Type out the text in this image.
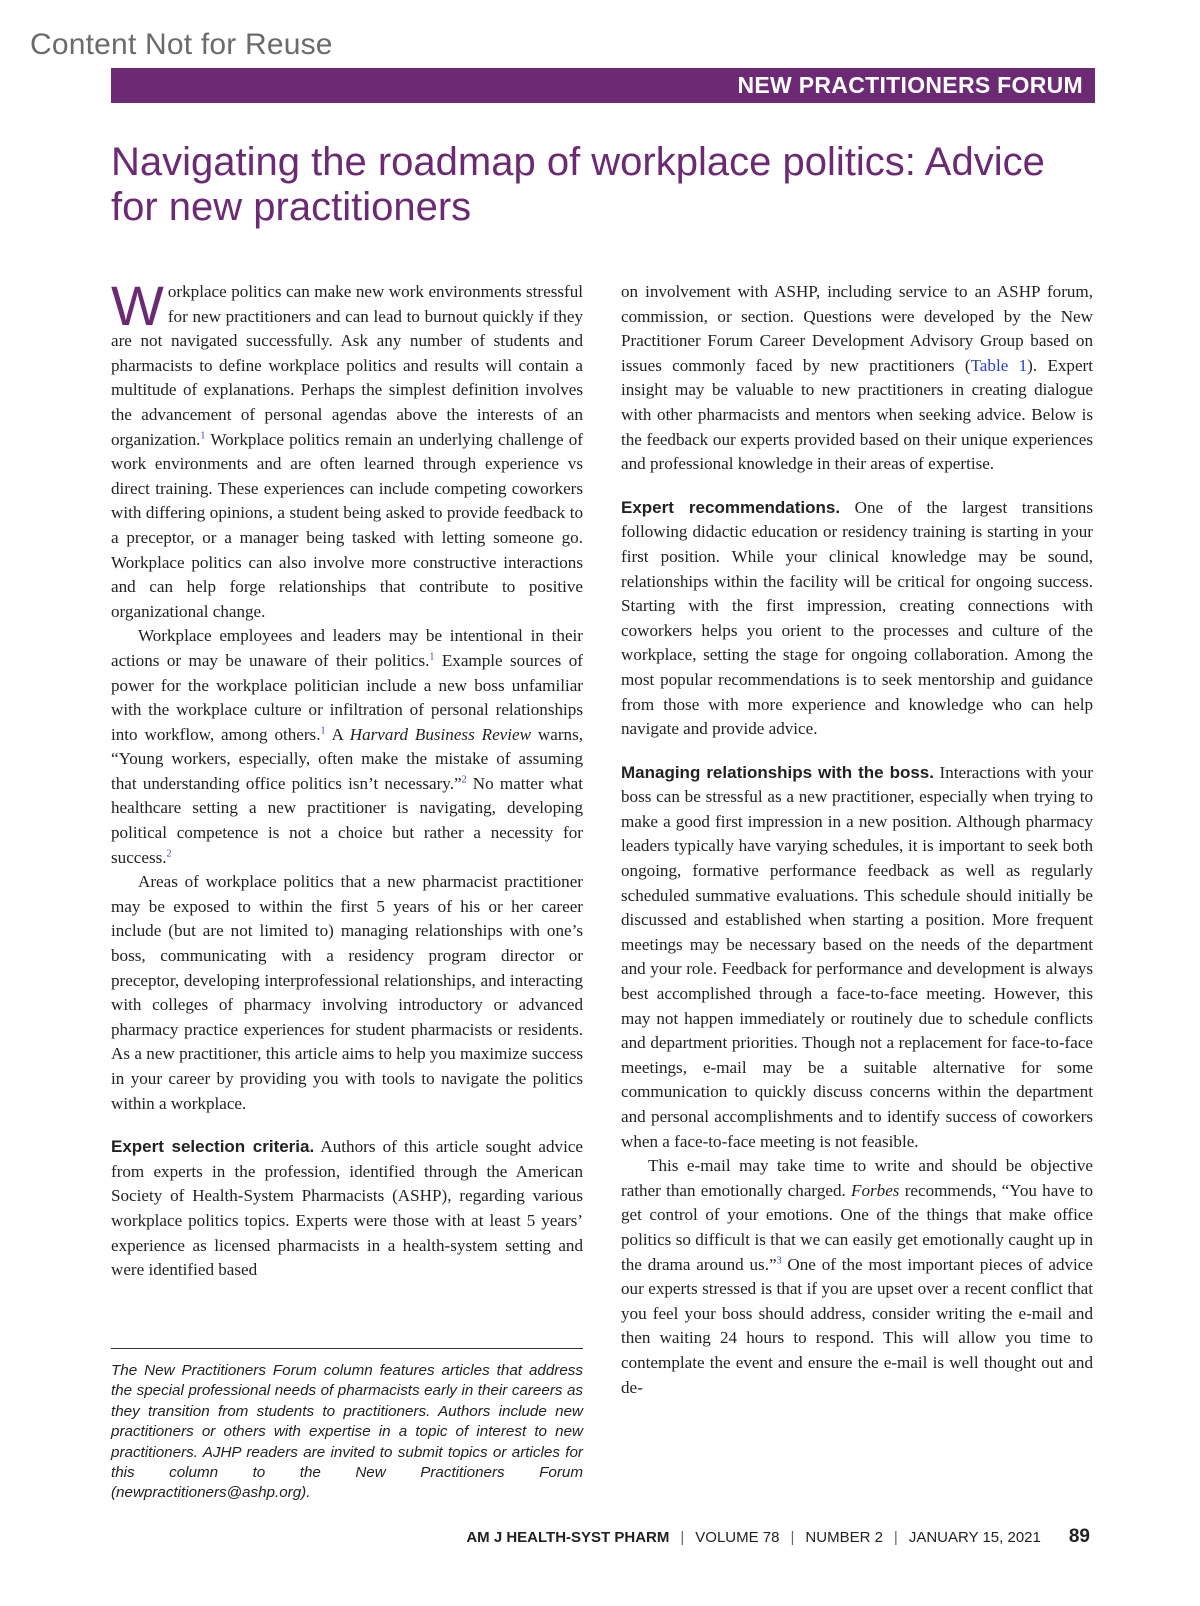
Content Not for Reuse
NEW PRACTITIONERS FORUM
Navigating the roadmap of workplace politics: Advice for new practitioners

Workplace politics can make new work environments stressful for new practitioners and can lead to burnout quickly if they are not navigated successfully. Ask any number of students and pharmacists to define workplace politics and results will contain a multitude of explanations. Perhaps the simplest definition involves the advancement of personal agendas above the interests of an organization.$^1$ Workplace politics remain an underlying challenge of work environments and are often learned through experience vs direct training. These experiences can include competing coworkers with differing opinions, a student being asked to provide feedback to a preceptor, or a manager being tasked with letting someone go. Workplace politics can also involve more constructive interactions and can help forge relationships that contribute to positive organizational change.

Workplace employees and leaders may be intentional in their actions or may be unaware of their politics.$^1$ Example sources of power for the workplace politician include a new boss unfamiliar with the workplace culture or infiltration of personal relationships into workflow, among others.$^1$ A Harvard Business Review warns, “Young workers, especially, often make the mistake of assuming that understanding office politics isn’t necessary.”$^2$ No matter what healthcare setting a new practitioner is navigating, developing political competence is not a choice but rather a necessity for success.$^2$

Areas of workplace politics that a new pharmacist practitioner may be exposed to within the first 5 years of his or her career include (but are not limited to) managing relationships with one’s boss, communicating with a residency program director or preceptor, developing interprofessional relationships, and interacting with colleges of pharmacy involving introductory or advanced pharmacy practice experiences for student pharmacists or residents. As a new practitioner, this article aims to help you maximize success in your career by providing you with tools to navigate the politics within a workplace.

Expert selection criteria. Authors of this article sought advice from experts in the profession, identified through the American Society of Health-System Pharmacists (ASHP), regarding various workplace politics topics. Experts were those with at least 5 years’ experience as licensed pharmacists in a health-system setting and were identified based

The New Practitioners Forum column features articles that address the special professional needs of pharmacists early in their careers as they transition from students to practitioners. Authors include new practitioners or others with expertise in a topic of interest to new practitioners. AJHP readers are invited to submit topics or articles for this column to the New Practitioners Forum (newpractitioners@ashp.org).

on involvement with ASHP, including service to an ASHP forum, commission, or section. Questions were developed by the New Practitioner Forum Career Development Advisory Group based on issues commonly faced by new practitioners (Table 1). Expert insight may be valuable to new practitioners in creating dialogue with other pharmacists and mentors when seeking advice. Below is the feedback our experts provided based on their unique experiences and professional knowledge in their areas of expertise.

Expert recommendations. One of the largest transitions following didactic education or residency training is starting in your first position. While your clinical knowledge may be sound, relationships within the facility will be critical for ongoing success. Starting with the first impression, creating connections with coworkers helps you orient to the processes and culture of the workplace, setting the stage for ongoing collaboration. Among the most popular recommendations is to seek mentorship and guidance from those with more experience and knowledge who can help navigate and provide advice.

Managing relationships with the boss. Interactions with your boss can be stressful as a new practitioner, especially when trying to make a good first impression in a new position. Although pharmacy leaders typically have varying schedules, it is important to seek both ongoing, formative performance feedback as well as regularly scheduled summative evaluations. This schedule should initially be discussed and established when starting a position. More frequent meetings may be necessary based on the needs of the department and your role. Feedback for performance and development is always best accomplished through a face-to-face meeting. However, this may not happen immediately or routinely due to schedule conflicts and department priorities. Though not a replacement for face-to-face meetings, e-mail may be a suitable alternative for some communication to quickly discuss concerns within the department and personal accomplishments and to identify success of coworkers when a face-to-face meeting is not feasible.

This e-mail may take time to write and should be objective rather than emotionally charged. Forbes recommends, “You have to get control of your emotions. One of the things that make office politics so difficult is that we can easily get emotionally caught up in the drama around us.”$^3$ One of the most important pieces of advice our experts stressed is that if you are upset over a recent conflict that you feel your boss should address, consider writing the e-mail and then waiting 24 hours to respond. This will allow you time to contemplate the event and ensure the e-mail is well thought out and de-

AM J HEALTH-SYST PHARM | VOLUME 78 | NUMBER 2 | JANUARY 15, 2021 89
